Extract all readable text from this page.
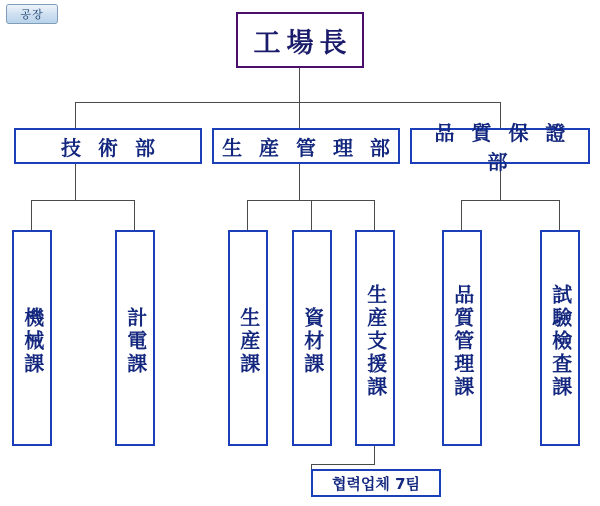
공장
工場長
技 術 部	生 産 管 理 部
品 質 保 證 部
機械課	計電課	生産課 資材課 生産支援課	品質管理課	試驗檢査課
협력업체 7팀
